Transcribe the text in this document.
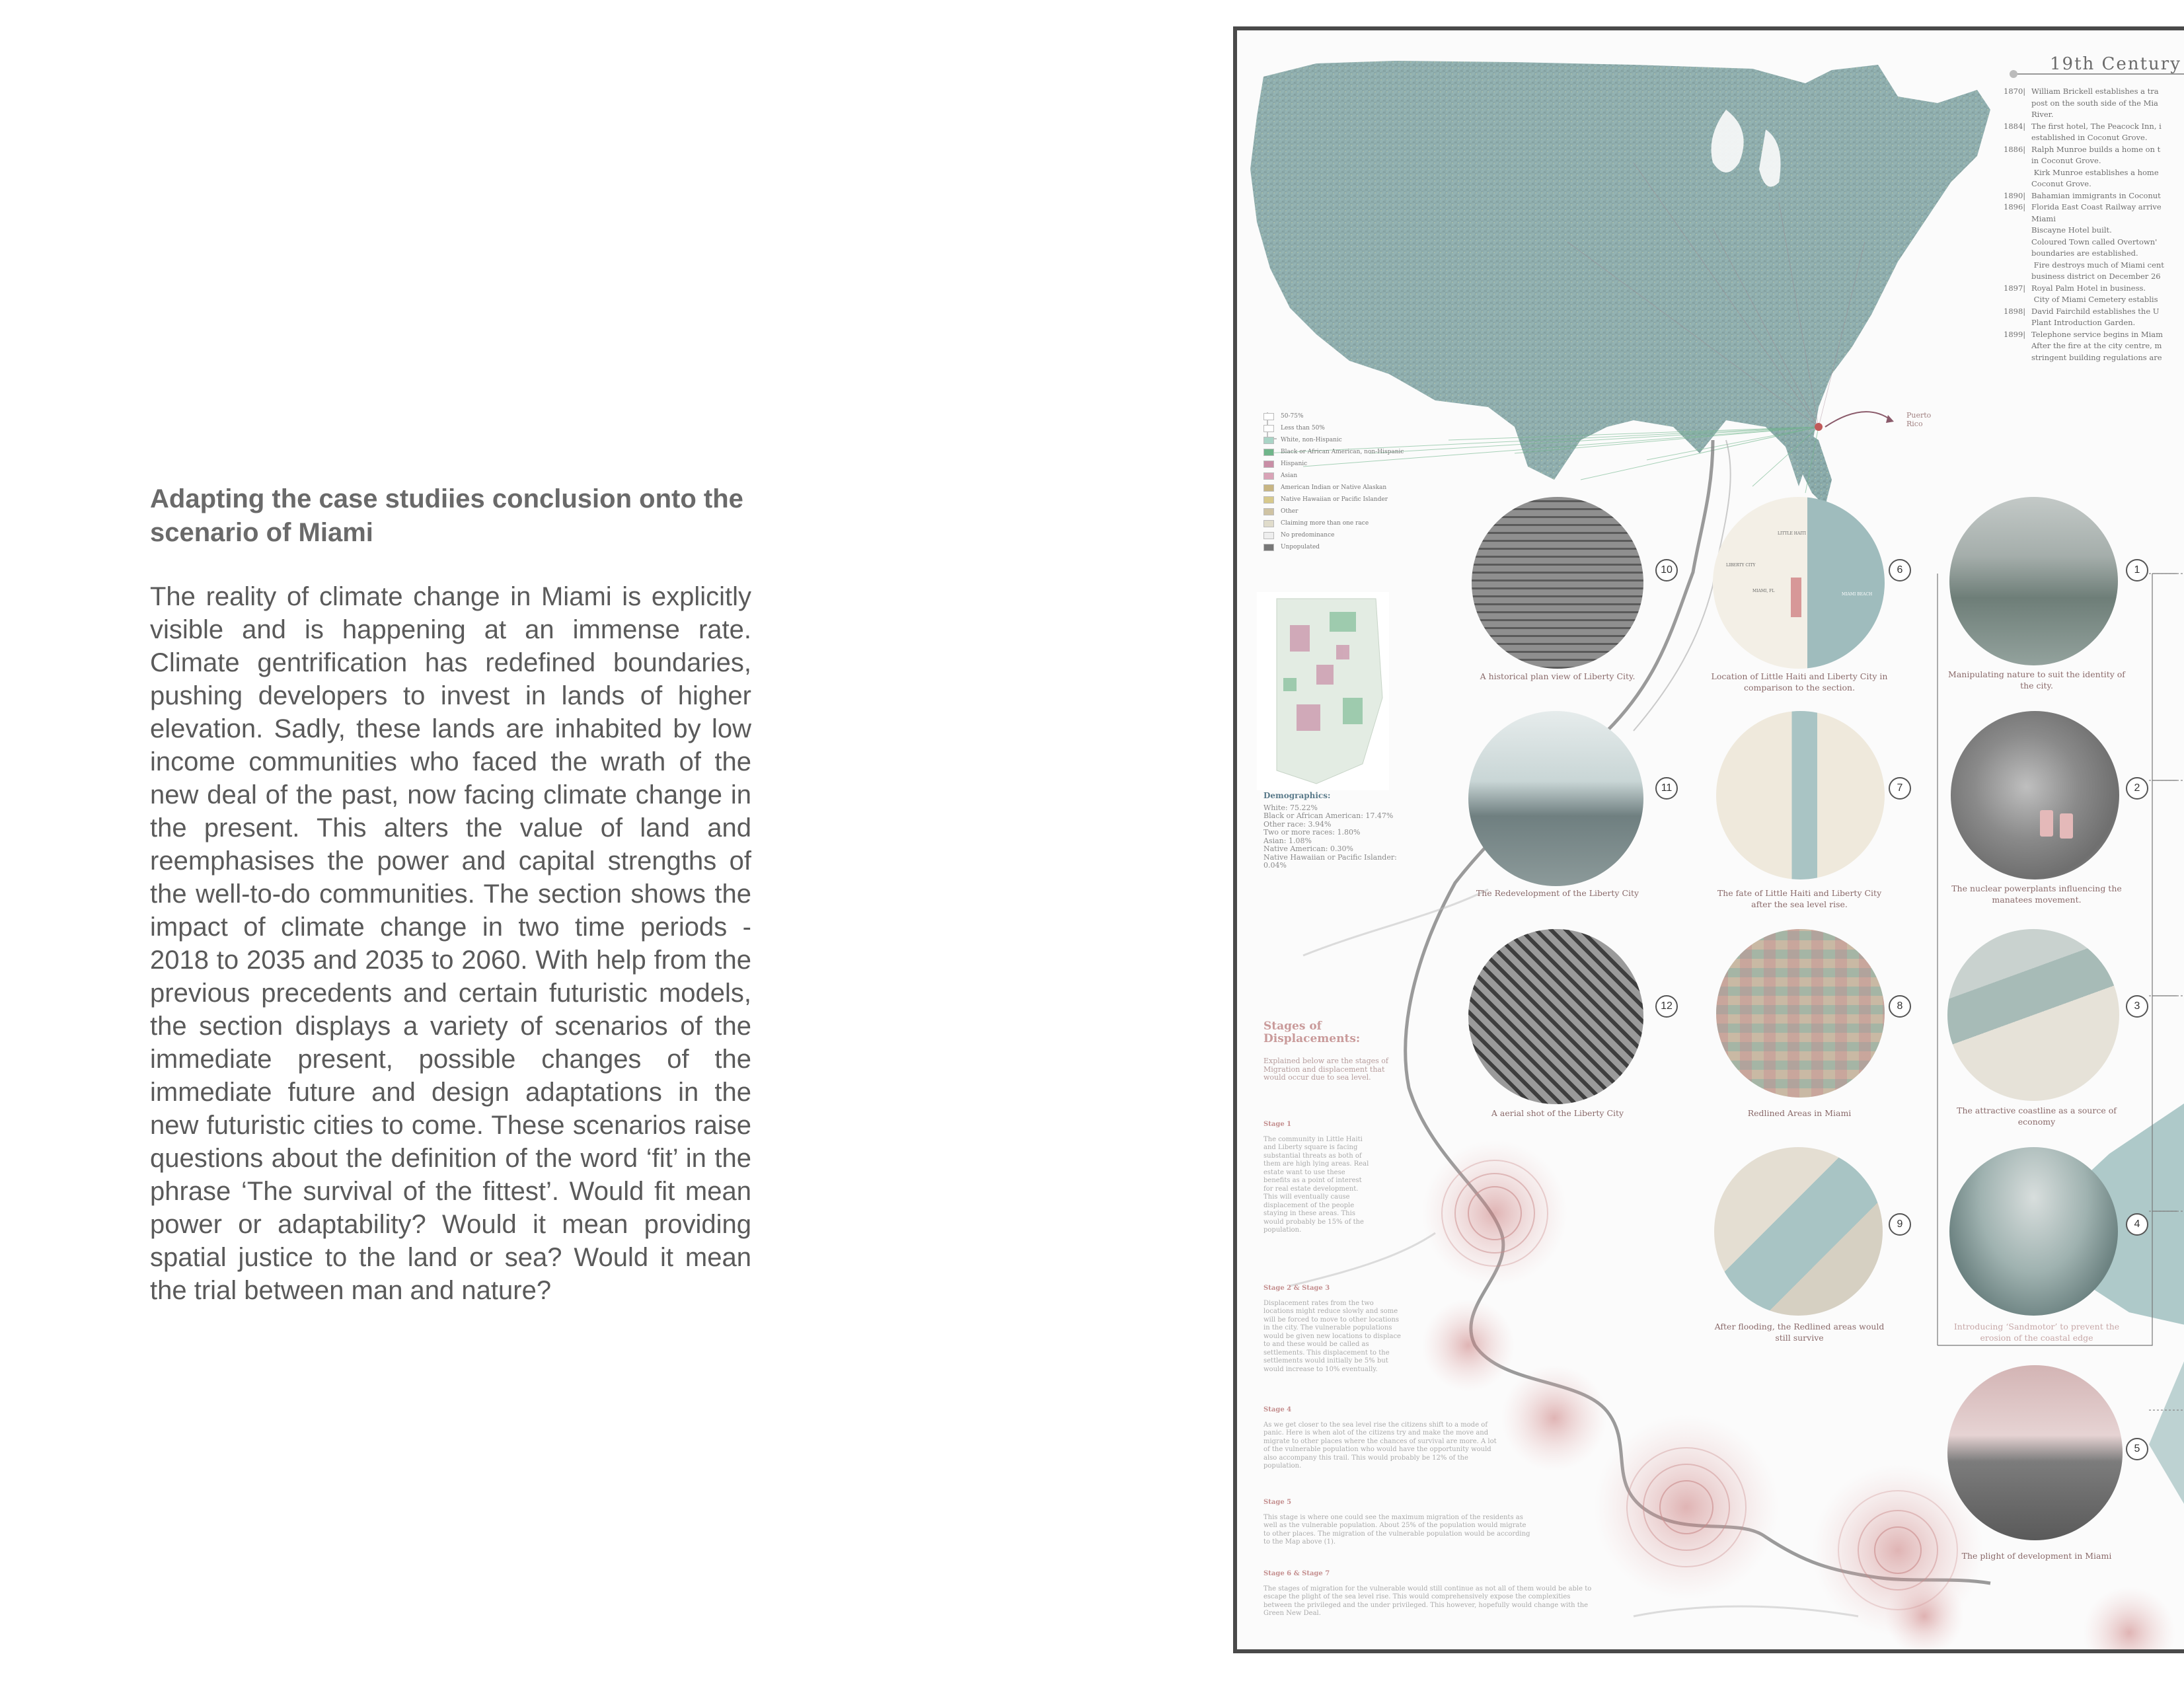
Adapting the case studiies conclusion onto the scenario of Miami

The reality of climate change in Miami is explicitly visible and is happening at an immense rate. Climate gentrification has redefined boundaries, pushing developers to invest in lands of higher elevation. Sadly, these lands are inhabited by low income communities who faced the wrath of the new deal of the past, now facing climate change in the present. This alters the value of land and reemphasises the power and capital strengths of the well-to-do communities. The section shows the impact of climate change in two time periods - 2018 to 2035 and 2035 to 2060. With help from the previous precedents and certain futuristic models, the section displays a variety of scenarios of the immediate present, possible changes of the immediate future and design adaptations in the new futuristic cities to come. These scenarios raise questions about the definition of the word ‘fit’ in the phrase ‘The survival of the fittest’. Would fit mean power or adaptability? Would it mean providing spatial justice to the land or sea? Would it mean the trial between man and nature?

19th Century
1870| William Brickell establishes a tra
post on the south side of the Mia
River.
1884| The first hotel, The Peacock Inn, i
established in Coconut Grove.
1886| Ralph Munroe builds a home on t
in Coconut Grove.
Kirk Munroe establishes a home
Coconut Grove.
1890| Bahamian immigrants in Coconut
1896| Florida East Coast Railway arrive
Miami
Biscayne Hotel built.
Coloured Town called Overtown'
boundaries are established.
Fire destroys much of Miami cent
business district on December 26
1897| Royal Palm Hotel in business.
City of Miami Cemetery establis
1898| David Fairchild establishes the U
Plant Introduction Garden.
1899| Telephone service begins in Miam
After the fire at the city centre, m
stringent building regulations are
Puerto Rico
50-75%
Less than 50%
White, non-Hispanic
Black or African American, non-Hispanic
Hispanic
Asian
American Indian or Native Alaskan
Native Hawaiian or Pacific Islander
Other
Claiming more than one race
No predominance
Unpopulated
Demographics:
White: 75.22%
Black or African American: 17.47%
Other race: 3.94%
Two or more races: 1.80%
Asian: 1.08%
Native American: 0.30%
Native Hawaiian or Pacific Islander:
0.04%
Stages of Displacements:
Explained below are the stages of Migration and displacement that would occur due to sea level.
Stage 1
The community in Little Haiti and Liberty square is facing substantial threats as both of them are high lying areas. Real estate want to use these benefits as a point of interest for real estate development. This will eventually cause displacement of the people staying in these areas. This would probably be 15% of the population.
Stage 2 & Stage 3
Displacement rates from the two locations might reduce slowly and some will be forced to move to other locations in the city. The vulnerable populations would be given new locations to displace to and these would be called as settlements. This displacement to the settlements would initially be 5% but would increase to 10% eventually.
Stage 4
As we get closer to the sea level rise the citizens shift to a mode of panic. Here is when alot of the citizens try and make the move and migrate to other places where the chances of survival are more. A lot of the vulnerable population who would have the opportunity would also accompany this trail. This would probably be 12% of the population.
Stage 5
This stage is where one could see the maximum migration of the residents as well as the vulnerable population. About 25% of the population would migrate to other places. The migration of the vulnerable population would be according to the Map above (1).
Stage 6 & Stage 7
The stages of migration for the vulnerable would still continue as not all of them would be able to escape the plight of the sea level rise. This would comprehensively expose the complexities between the privileged and the under privileged. This however, hopefully would change with the Green New Deal.
10
A historical plan view of Liberty City.
11
The Redevelopment of the Liberty City
12
A aerial shot of the Liberty City
LITTLE HAITI
LIBERTY CITY
MIAMI, FL
MIAMI BEACH
6
Location of Little Haiti and Liberty City in comparison to the section.
7
The fate of Little Haiti and Liberty City after the sea level rise.
8
Redlined Areas in Miami
9
After flooding, the Redlined areas would still survive
1
Manipulating nature to suit the identity of the city.
2
The nuclear powerplants influencing the manatees movement.
3
The attractive coastline as a source of economy
4
Introducing ‘Sandmotor’ to prevent the erosion of the coastal edge
5
The plight of development in Miami
